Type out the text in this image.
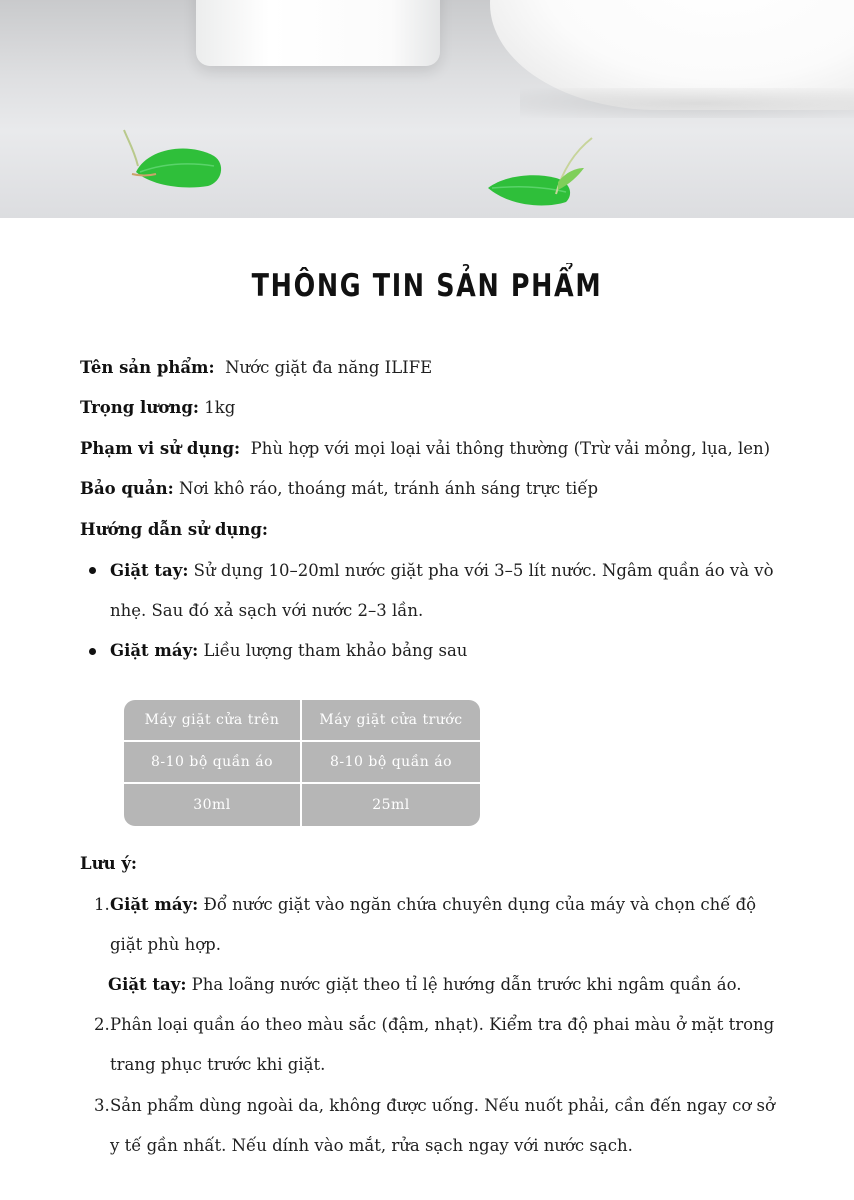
THÔNG TIN SẢN PHẨM
Tên sản phẩm: Nước giặt đa năng ILIFE
Trọng lương: 1kg
Phạm vi sử dụng: Phù hợp với mọi loại vải thông thường (Trừ vải mỏng, lụa, len)
Bảo quản: Nơi khô ráo, thoáng mát, tránh ánh sáng trực tiếp
Hướng dẫn sử dụng:
Giặt tay: Sử dụng 10–20ml nước giặt pha với 3–5 lít nước. Ngâm quần áo và vò
nhẹ. Sau đó xả sạch với nước 2–3 lần.
Giặt máy: Liều lượng tham khảo bảng sau
Máy giặt cửa trên	Máy giặt cửa trước
8-10 bộ quần áo	8-10 bộ quần áo
30ml	25ml
Lưu ý:
1. Giặt máy: Đổ nước giặt vào ngăn chứa chuyên dụng của máy và chọn chế độ
giặt phù hợp.
Giặt tay: Pha loãng nước giặt theo tỉ lệ hướng dẫn trước khi ngâm quần áo.
2. Phân loại quần áo theo màu sắc (đậm, nhạt). Kiểm tra độ phai màu ở mặt trong
trang phục trước khi giặt.
3. Sản phẩm dùng ngoài da, không được uống. Nếu nuốt phải, cần đến ngay cơ sở
y tế gần nhất. Nếu dính vào mắt, rửa sạch ngay với nước sạch.
